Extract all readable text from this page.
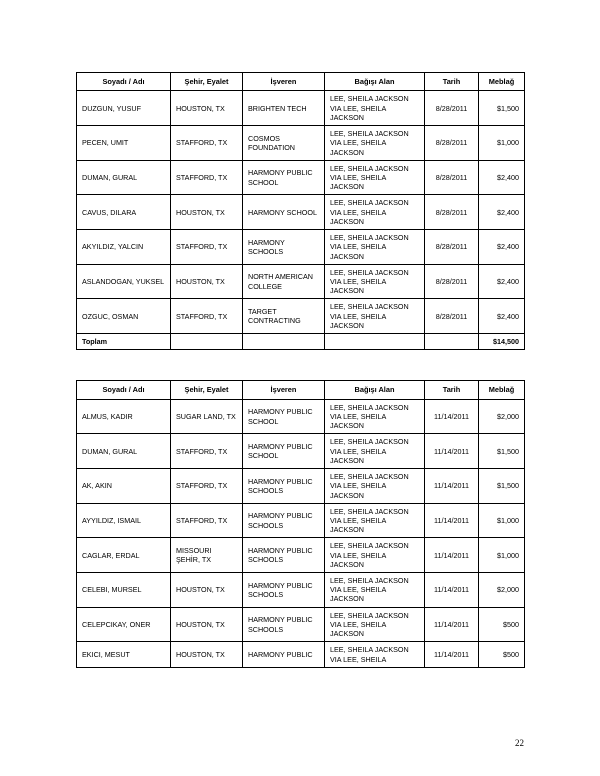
Soyadı / Adı	Şehir, Eyalet	İşveren	Bağışı Alan	Tarih	Meblağ
DUZGUN, YUSUF	HOUSTON, TX	BRIGHTEN TECH	LEE, SHEILA JACKSON VIA LEE, SHEILA JACKSON	8/28/2011	$1,500
PECEN, UMIT	STAFFORD, TX	COSMOS FOUNDATION	LEE, SHEILA JACKSON VIA LEE, SHEILA JACKSON	8/28/2011	$1,000
DUMAN, GURAL	STAFFORD, TX	HARMONY PUBLIC SCHOOL	LEE, SHEILA JACKSON VIA LEE, SHEILA JACKSON	8/28/2011	$2,400
CAVUS, DILARA	HOUSTON, TX	HARMONY SCHOOL	LEE, SHEILA JACKSON VIA LEE, SHEILA JACKSON	8/28/2011	$2,400
AKYILDIZ, YALCIN	STAFFORD, TX	HARMONY SCHOOLS	LEE, SHEILA JACKSON VIA LEE, SHEILA JACKSON	8/28/2011	$2,400
ASLANDOGAN, YUKSEL	HOUSTON, TX	NORTH AMERICAN COLLEGE	LEE, SHEILA JACKSON VIA LEE, SHEILA JACKSON	8/28/2011	$2,400
OZGUC, OSMAN	STAFFORD, TX	TARGET CONTRACTING	LEE, SHEILA JACKSON VIA LEE, SHEILA JACKSON	8/28/2011	$2,400
Toplam					$14,500
Soyadı / Adı	Şehir, Eyalet	İşveren	Bağışı Alan	Tarih	Meblağ
ALMUS, KADIR	SUGAR LAND, TX	HARMONY PUBLIC SCHOOL	LEE, SHEILA JACKSON VIA LEE, SHEILA JACKSON	11/14/2011	$2,000
DUMAN, GURAL	STAFFORD, TX	HARMONY PUBLIC SCHOOL	LEE, SHEILA JACKSON VIA LEE, SHEILA JACKSON	11/14/2011	$1,500
AK, AKIN	STAFFORD, TX	HARMONY PUBLIC SCHOOLS	LEE, SHEILA JACKSON VIA LEE, SHEILA JACKSON	11/14/2011	$1,500
AYYILDIZ, ISMAIL	STAFFORD, TX	HARMONY PUBLIC SCHOOLS	LEE, SHEILA JACKSON VIA LEE, SHEILA JACKSON	11/14/2011	$1,000
CAGLAR, ERDAL	MISSOURI ŞEHİR, TX	HARMONY PUBLIC SCHOOLS	LEE, SHEILA JACKSON VIA LEE, SHEILA JACKSON	11/14/2011	$1,000
CELEBI, MURSEL	HOUSTON, TX	HARMONY PUBLIC SCHOOLS	LEE, SHEILA JACKSON VIA LEE, SHEILA JACKSON	11/14/2011	$2,000
CELEPCIKAY, ONER	HOUSTON, TX	HARMONY PUBLIC SCHOOLS	LEE, SHEILA JACKSON VIA LEE, SHEILA JACKSON	11/14/2011	$500
EKICI, MESUT	HOUSTON, TX	HARMONY PUBLIC	LEE, SHEILA JACKSON VIA LEE, SHEILA	11/14/2011	$500
22
